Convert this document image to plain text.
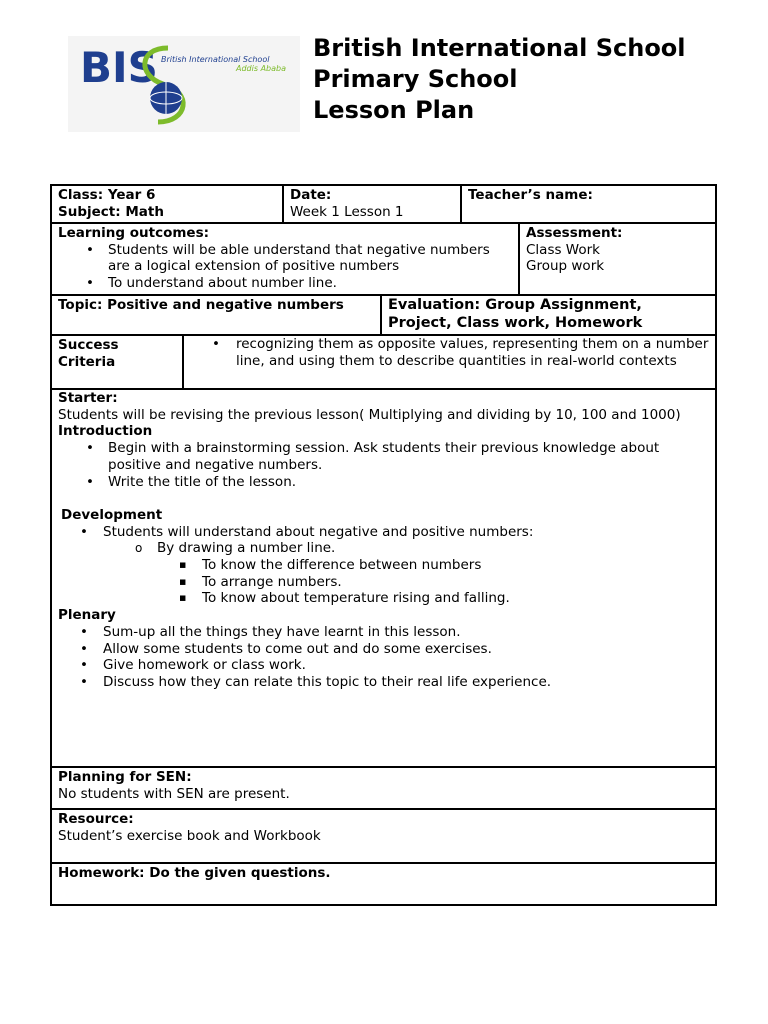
BIS British International School
Addis Ababa
British International School
Primary School
Lesson Plan
Class: Year 6
Subject: Math
Date:
Week 1 Lesson 1
Teacher’s name:
Learning outcomes:
• Students will be able understand that negative numbers are a logical extension of positive numbers
• To understand about number line.
Assessment:
Class Work
Group work
Topic: Positive and negative numbers	Evaluation: Group Assignment, Project, Class work, Homework
Success
Criteria
• recognizing them as opposite values, representing them on a number line, and using them to describe quantities in real-world contexts
Starter:
Students will be revising the previous lesson( Multiplying and dividing by 10, 100 and 1000)
Introduction
• Begin with a brainstorming session. Ask students their previous knowledge about positive and negative numbers.
• Write the title of the lesson.
Development
• Students will understand about negative and positive numbers:
o By drawing a number line.
▪ To know the difference between numbers
▪ To arrange numbers.
▪ To know about temperature rising and falling.
Plenary
• Sum-up all the things they have learnt in this lesson.
• Allow some students to come out and do some exercises.
• Give homework or class work.
• Discuss how they can relate this topic to their real life experience.
Planning for SEN:
No students with SEN are present.
Resource:
Student’s exercise book and Workbook
Homework: Do the given questions.
